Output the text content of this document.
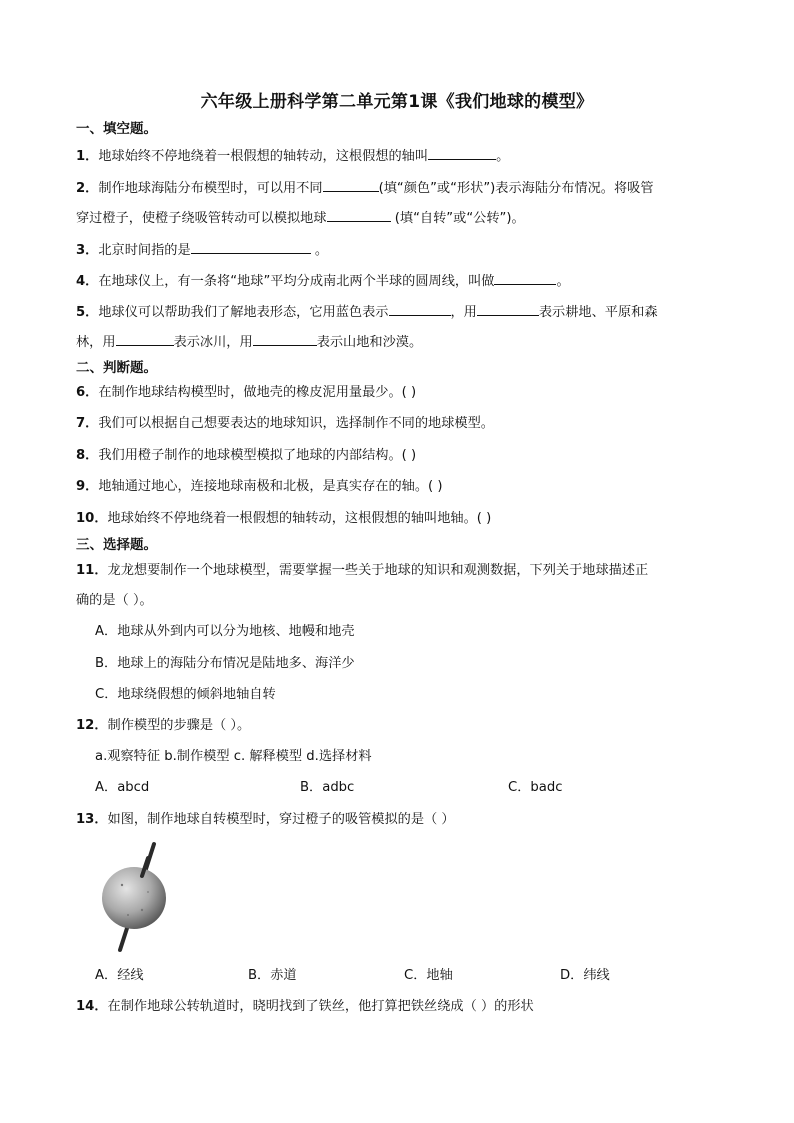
六年级上册科学第二单元第1课《我们地球的模型》
一、填空题。
1．地球始终不停地绕着一根假想的轴转动，这根假想的轴叫	。
2．制作地球海陆分布模型时，可以用不同	(填“颜色”或“形状”)表示海陆分布情况。将吸管
穿过橙子，使橙子绕吸管转动可以模拟地球	(填“自转”或“公转”)。
3．北京时间指的是	。
4．在地球仪上，有一条将“地球”平均分成南北两个半球的圆周线，叫做	。
5．地球仪可以帮助我们了解地表形态，它用蓝色表示	，用	表示耕地、平原和森
林，用	表示冰川，用	表示山地和沙漠。
二、判断题。
6．在制作地球结构模型时，做地壳的橡皮泥用量最少。( )
7．我们可以根据自己想要表达的地球知识，选择制作不同的地球模型。
8．我们用橙子制作的地球模型模拟了地球的内部结构。( )
9．地轴通过地心，连接地球南极和北极，是真实存在的轴。( )
10．地球始终不停地绕着一根假想的轴转动，这根假想的轴叫地轴。( )
三、选择题。
11．龙龙想要制作一个地球模型，需要掌握一些关于地球的知识和观测数据，下列关于地球描述正
确的是（ ）。
A．地球从外到内可以分为地核、地幔和地壳
B．地球上的海陆分布情况是陆地多、海洋少
C．地球绕假想的倾斜地轴自转
12．制作模型的步骤是（ ）。
a.观察特征 b.制作模型 c. 解释模型 d.选择材料
A．abcd	B．adbc	C．badc
13．如图，制作地球自转模型时，穿过橙子的吸管模拟的是（ ）
A．经线	B．赤道	C．地轴	D．纬线
14．在制作地球公转轨道时，晓明找到了铁丝，他打算把铁丝绕成（ ）的形状
